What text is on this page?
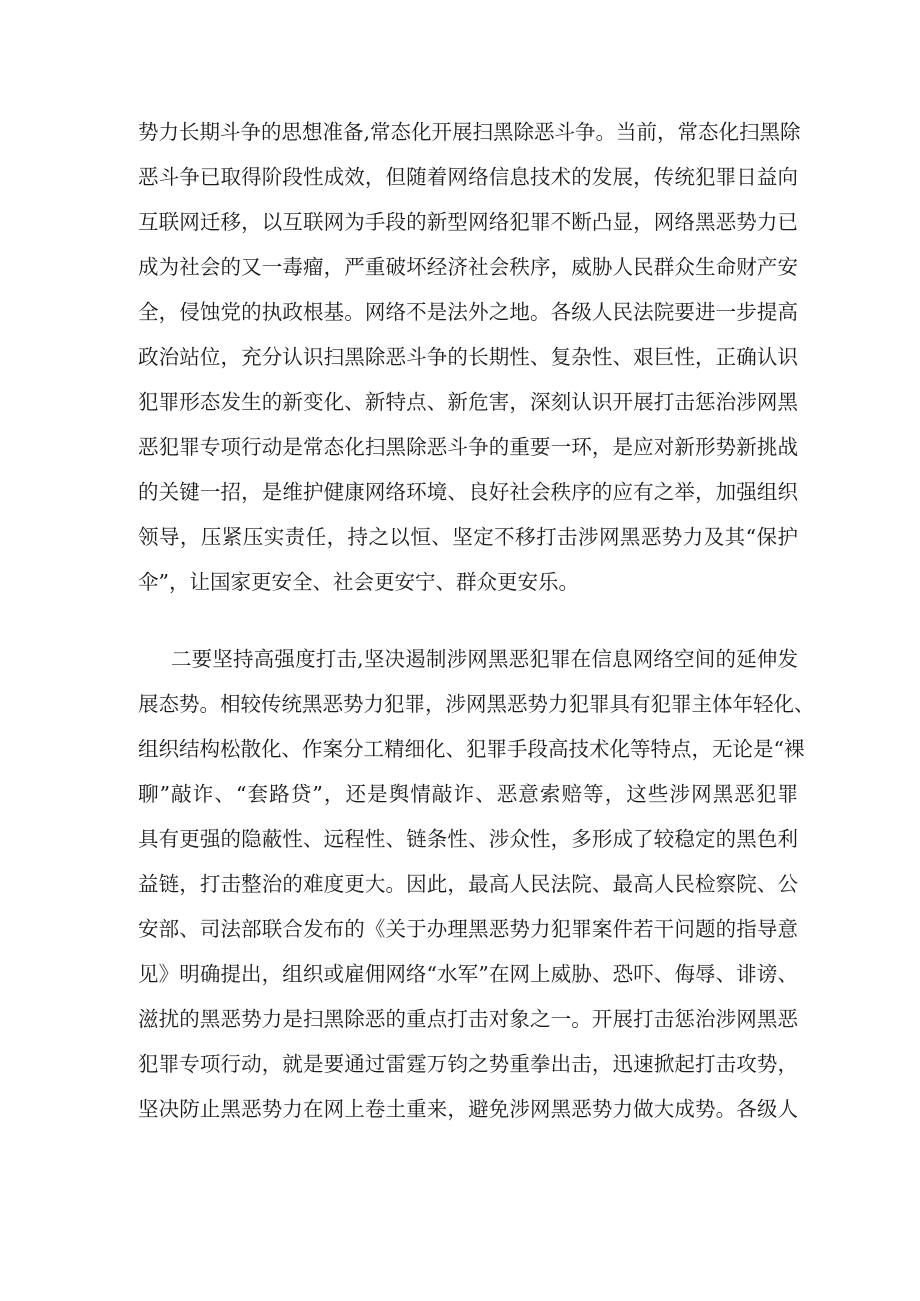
势力长期斗争的思想准备,常态化开展扫黑除恶斗争。当前，常态化扫黑除
恶斗争已取得阶段性成效，但随着网络信息技术的发展，传统犯罪日益向
互联网迁移，以互联网为手段的新型网络犯罪不断凸显，网络黑恶势力已
成为社会的又一毒瘤，严重破坏经济社会秩序，威胁人民群众生命财产安
全，侵蚀党的执政根基。网络不是法外之地。各级人民法院要进一步提高
政治站位，充分认识扫黑除恶斗争的长期性、复杂性、艰巨性，正确认识
犯罪形态发生的新变化、新特点、新危害，深刻认识开展打击惩治涉网黑
恶犯罪专项行动是常态化扫黑除恶斗争的重要一环，是应对新形势新挑战
的关键一招，是维护健康网络环境、良好社会秩序的应有之举，加强组织
领导，压紧压实责任，持之以恒、坚定不移打击涉网黑恶势力及其“保护
伞”，让国家更安全、社会更安宁、群众更安乐。
二要坚持高强度打击,坚决遏制涉网黑恶犯罪在信息网络空间的延伸发
展态势。相较传统黑恶势力犯罪，涉网黑恶势力犯罪具有犯罪主体年轻化、
组织结构松散化、作案分工精细化、犯罪手段高技术化等特点，无论是“裸
聊”敲诈、“套路贷”，还是舆情敲诈、恶意索赔等，这些涉网黑恶犯罪
具有更强的隐蔽性、远程性、链条性、涉众性，多形成了较稳定的黑色利
益链，打击整治的难度更大。因此，最高人民法院、最高人民检察院、公
安部、司法部联合发布的《关于办理黑恶势力犯罪案件若干问题的指导意
见》明确提出，组织或雇佣网络“水军”在网上威胁、恐吓、侮辱、诽谤、
滋扰的黑恶势力是扫黑除恶的重点打击对象之一。开展打击惩治涉网黑恶
犯罪专项行动，就是要通过雷霆万钧之势重拳出击，迅速掀起打击攻势，
坚决防止黑恶势力在网上卷土重来，避免涉网黑恶势力做大成势。各级人
